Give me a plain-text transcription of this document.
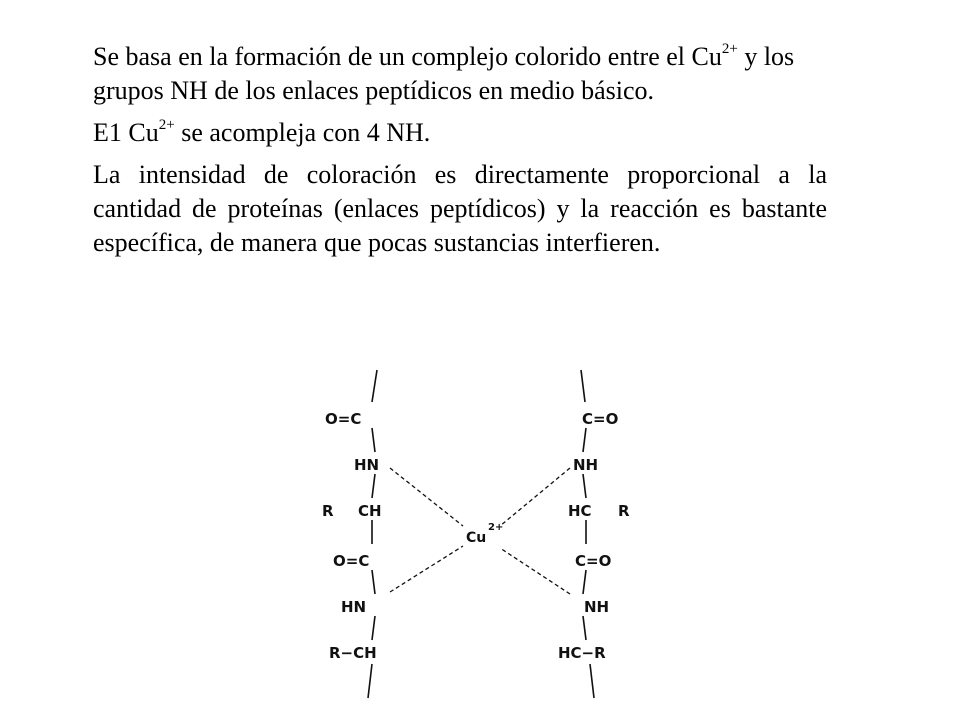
Se basa en la formación de un complejo colorido entre el $Cu^{2+}$ y los grupos NH de los enlaces peptídicos en medio básico.

E1 $Cu^{2+}$ se acompleja con 4 NH.

La intensidad de coloración es directamente proporcional a la cantidad de proteínas (enlaces peptídicos) y la reacción es bastante específica, de manera que pocas sustancias interfieren.

O=C
HN
R CH
O=C
HN
R−CH
C=O
NH
HC R
C=O
NH
HC−R
Cu
2+
